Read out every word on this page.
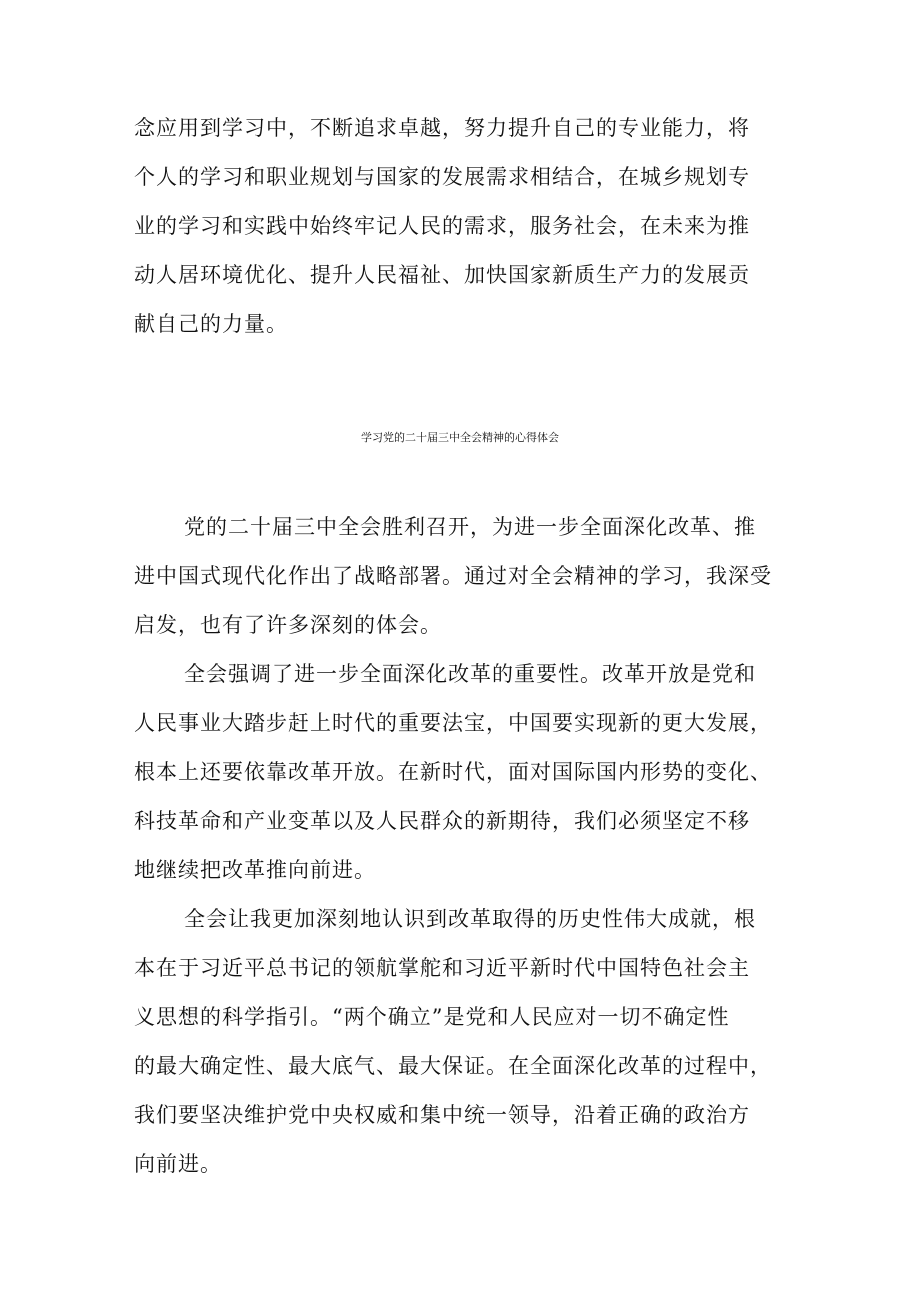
念应用到学习中，不断追求卓越，努力提升自己的专业能力，将
个人的学习和职业规划与国家的发展需求相结合，在城乡规划专
业的学习和实践中始终牢记人民的需求，服务社会，在未来为推
动人居环境优化、提升人民福祉、加快国家新质生产力的发展贡
献自己的力量。
学习党的二十届三中全会精神的心得体会
党的二十届三中全会胜利召开，为进一步全面深化改革、推
进中国式现代化作出了战略部署。通过对全会精神的学习，我深受
启发，也有了许多深刻的体会。
全会强调了进一步全面深化改革的重要性。改革开放是党和
人民事业大踏步赶上时代的重要法宝，中国要实现新的更大发展，
根本上还要依靠改革开放。在新时代，面对国际国内形势的变化、
科技革命和产业变革以及人民群众的新期待，我们必须坚定不移
地继续把改革推向前进。
全会让我更加深刻地认识到改革取得的历史性伟大成就，根
本在于习近平总书记的领航掌舵和习近平新时代中国特色社会主
义思想的科学指引。“两个确立”是党和人民应对一切不确定性
的最大确定性、最大底气、最大保证。在全面深化改革的过程中，
我们要坚决维护党中央权威和集中统一领导，沿着正确的政治方
向前进。
